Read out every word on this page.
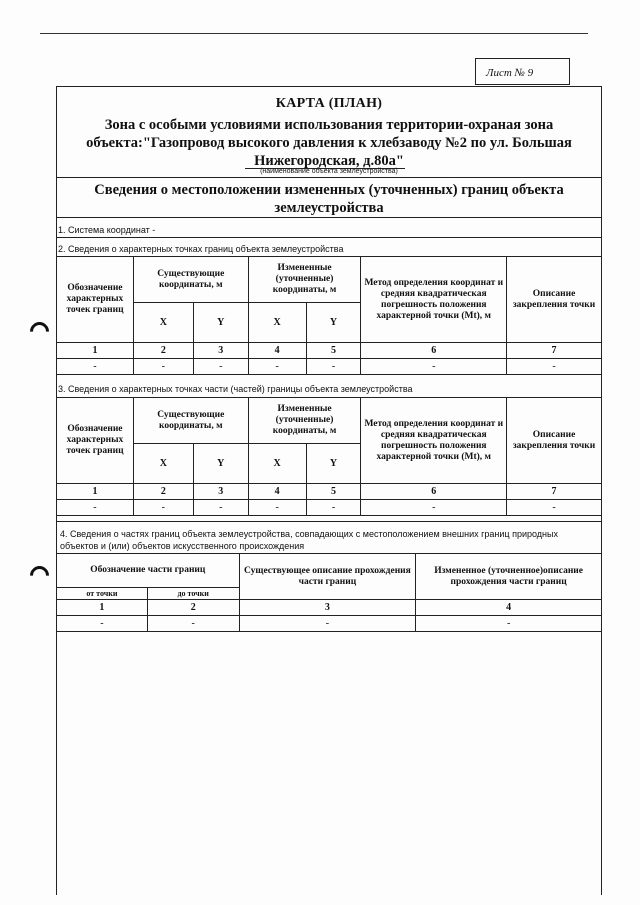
Лист № 9
КАРТА (ПЛАН)
Зона с особыми условиями использования территории-охраная зона объекта:"Газопровод высокого давления к хлебзаводу №2 по ул. Большая Нижегородская, д.80а"
(наименование объекта землеустройства)
Сведения о местоположении измененных (уточненных) границ объекта землеустройства
1. Система координат -
2. Сведения о характерных точках границ объекта землеустройства
Обозначение характерных точек границ	Существующие координаты, м		Измененные (уточненные) координаты, м		Метод определения координат и средняя квадратическая погрешность положения характерной точки (Mt), м	Описание закрепления точки
	X	Y	X	Y		
1	2	3	4	5	6	7
-	-	-	-	-	-	-
3. Сведения о характерных точках части (частей) границы объекта землеустройства
Обозначение характерных точек границ	Существующие координаты, м		Измененные (уточненные) координаты, м		Метод определения координат и средняя квадратическая погрешность положения характерной точки (Mt), м	Описание закрепления точки
	X	Y	X	Y		
1	2	3	4	5	6	7
-	-	-	-	-	-	-
4. Сведения о частях границ объекта землеустройства, совпадающих с местоположением внешних границ природных объектов и (или) объектов искусственного происхождения
Обозначение части границ		Существующее описание прохождения части границ	Измененное (уточненное)описание прохождения части границ
от точки	до точки		
1	2	3	4
-	-	-	-
